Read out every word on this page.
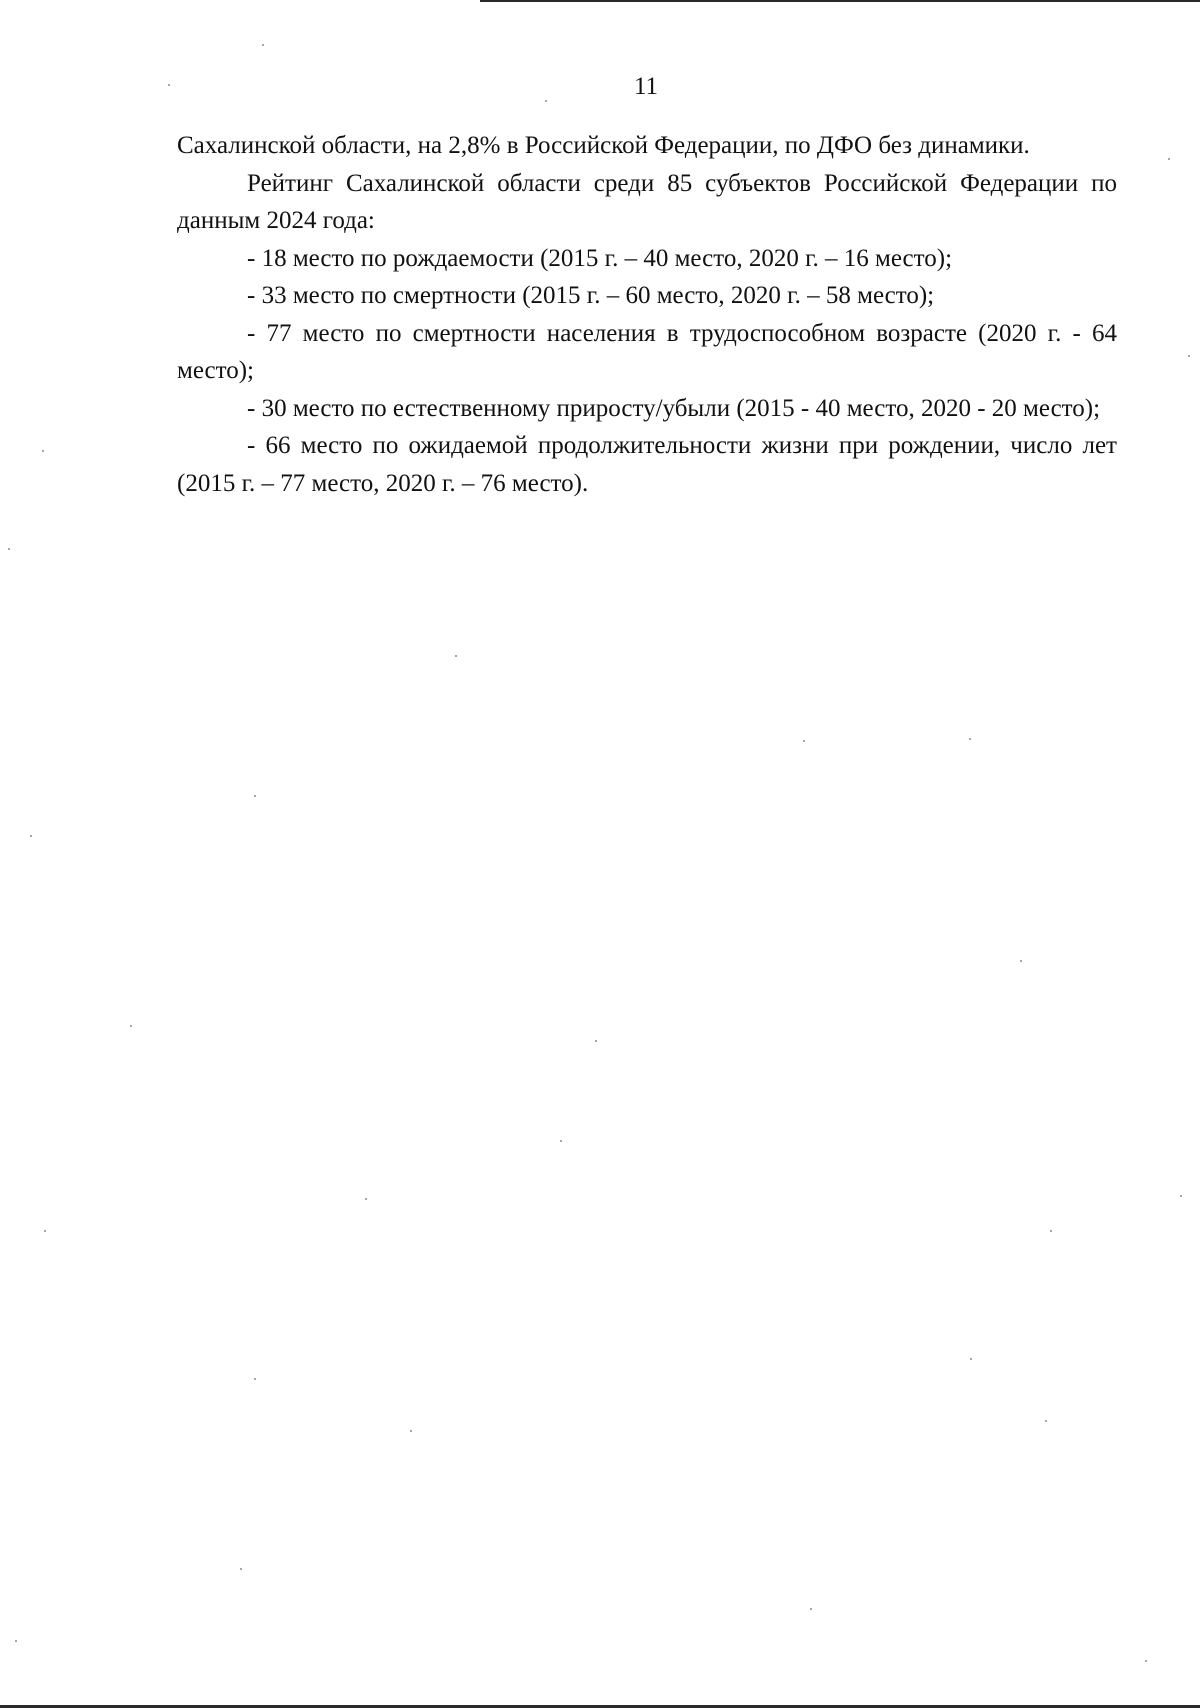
11

Сахалинской области, на 2,8% в Российской Федерации, по ДФО без динамики.

Рейтинг Сахалинской области среди 85 субъектов Российской Федерации по данным 2024 года:

- 18 место по рождаемости (2015 г. – 40 место, 2020 г. – 16 место);

- 33 место по смертности (2015 г. – 60 место, 2020 г. – 58 место);

- 77 место по смертности населения в трудоспособном возрасте (2020 г. - 64 место);

- 30 место по естественному приросту/убыли (2015 - 40 место, 2020 - 20 место);

- 66 место по ожидаемой продолжительности жизни при рождении, число лет (2015 г. – 77 место, 2020 г. – 76 место).
